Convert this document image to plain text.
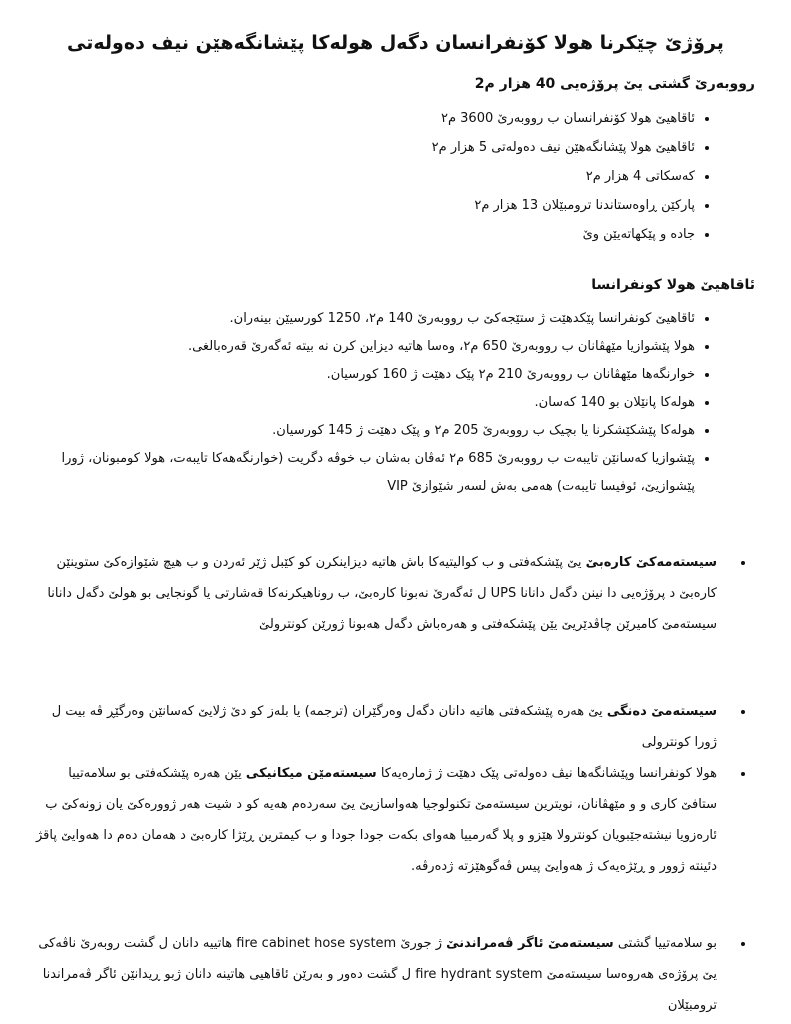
پرۆژێ چێکرنا هولا کۆنفرانسان دگەل هولەکا پێشانگەهێن نیف دەولەتی
رووبەرێ گشتی یێ پرۆژەیی 40 هزار م2
• ئاقاهیێ هولا کۆنفرانسان ب رووبەرێ 3600 م٢
• ئاقاهیێ هولا پێشانگەهێن نیف دەولەتی 5 هزار م٢
• کەسکاتی 4 هزار م٢
• پارکێن ڕاوەستاندنا ترومبێلان 13 هزار م٢
• جادە و پێکهاتەیێن وێ
ئاقاهیێ هولا کونفرانسا
• ئاقاهیێ کونفرانسا پێکدهێت ژ ستێجەکێ ب رووبەرێ 140 م٢، 1250 کورسیێن بینەران.
• هولا پێشوازیا مێهڤانان ب رووبەرێ 650 م٢، وەسا هاتیە دیزاین کرن نە بیتە ئەگەرێ قەرەبالغی.
• خوارنگەها مێهڤانان ب رووبەرێ 210 م٢ پێک دهێت ژ 160 کورسیان.
• هولەکا پانێلان بو 140 کەسان.
• هولەکا پێشکێشکرنا یا بچیک ب رووبەرێ 205 م٢ و پێک دهێت ژ 145 کورسیان.
• پێشوازیا کەسانێن تایبەت ب رووبەرێ 685 م٢ ئەڤان بەشان ب خوڤە دگریت (خوارنگەهەکا تایبەت، هولا کومبونان، ژورا پێشوازیێ، ئوفیسا تایبەت) هەمی بەش لسەر شێوازێ VIP
• سیستەمەکێ کارەبێ یێ پێشکەفتی و ب کوالیتیەکا باش هاتیە دیزاینکرن کو کێبل ژێر ئەردن و ب هیچ شێوازەکێ ستوینێن کارەبێ د پرۆژەیی دا نینن دگەل دانانا UPS ل ئەگەرێ نەبونا کارەبێ، ب روناهیکرنەکا قەشارتی یا گونجایی بو هولێ دگەل دانانا سیستەمێ کامیرێن چاڤدێریێ یێن پێشکەفتی و هەرەباش دگەل هەبونا ژورێن کونترولێ
• سیستەمێ دەنگی یێ هەرە پێشکەفتی هاتیە دانان دگەل وەرگێران (ترجمە) یا بلەز کو دێ ژلایێ کەسانێن وەرگێڕ ڤە بیت ل ژورا کونترولی
• هولا کونفرانسا وپێشانگەها نیڤ دەولەتی پێک دهێت ژ ژمارەیەکا سیستەمێن میکانیکی یێن هەرە پێشکەفتی بو سلامەتییا ستافێ کاری و و مێهڤانان، نویترین سیستەمێ تکنولوجیا هەواسازیێ یێ سەردەم هەیە کو د شیت هەر ژوورەکێ یان زونەکێ ب ئارەزویا نیشتەجێبویان کونترولا هێزو و پلا گەرمییا هەوای بکەت جودا جودا و ب کیمترین ڕێژا کارەبێ د هەمان دەم دا هەوایێ پاقژ دئینتە ژوور و ڕێژەیەک ژ هەوایێ پیس ڤەگوهێزتە ژدەرڤە.
• بو سلامەتییا گشتی سیستەمێ ئاگر ڤەمراندنێ ژ جورێ fire cabinet hose system هاتییە دانان ل گشت روبەرێ ناڤەکی یێ پرۆژەی هەروەسا سیستەمێ fire hydrant system ل گشت دەور و بەرێن ئاقاهیی هاتینە دانان ژبو ڕیدانێن ئاگر ڤەمراندنا ترومبێلان
